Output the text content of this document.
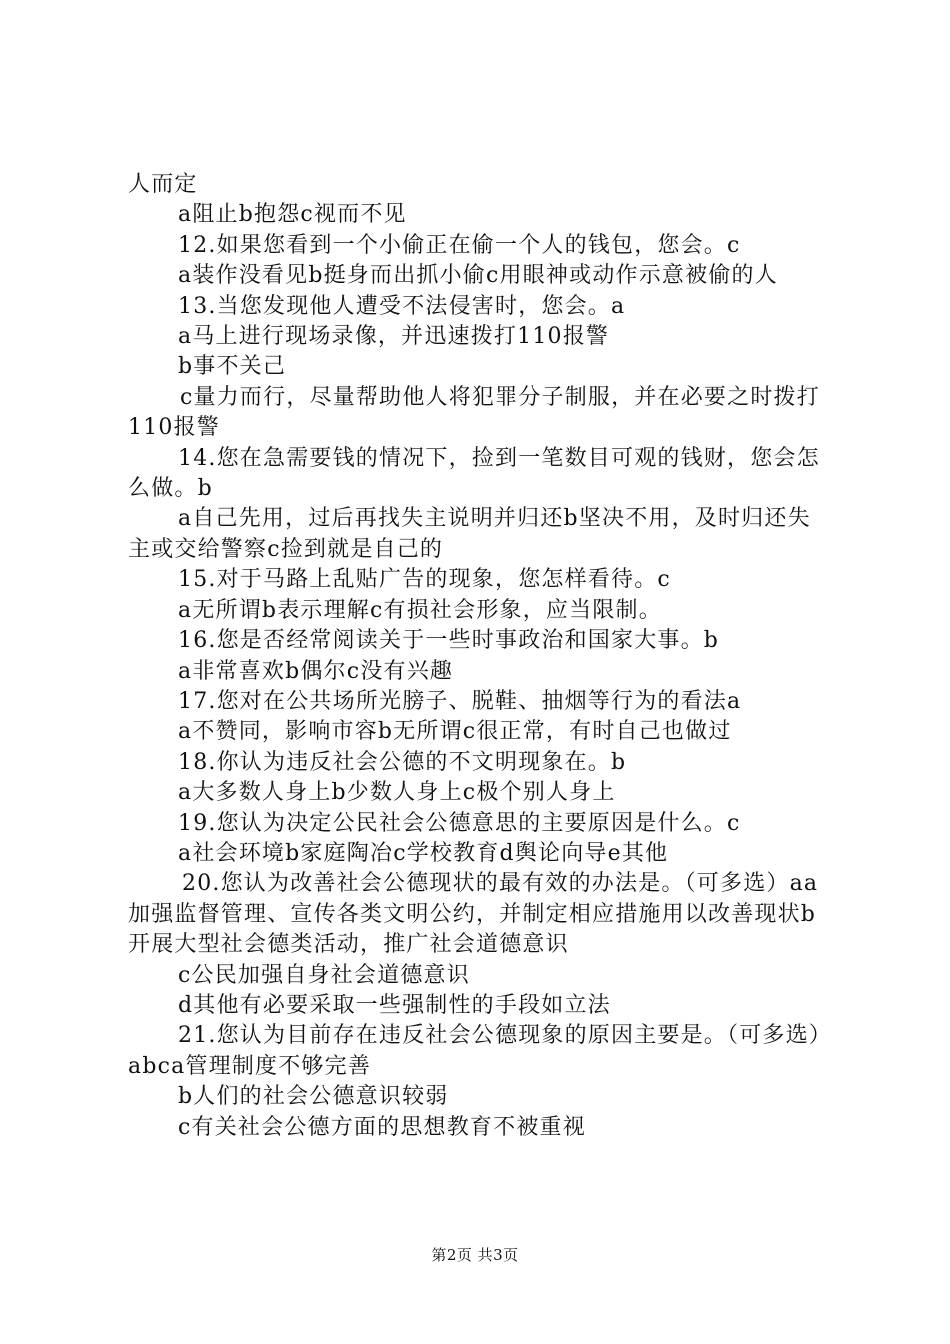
人而定

a阻止b抱怨c视而不见

12.如果您看到一个小偷正在偷一个人的钱包，您会。c

a装作没看见b挺身而出抓小偷c用眼神或动作示意被偷的人

13.当您发现他人遭受不法侵害时，您会。a

a马上进行现场录像，并迅速拨打110报警

b事不关己

c量力而行，尽量帮助他人将犯罪分子制服，并在必要之时拨打110报警

14.您在急需要钱的情况下，捡到一笔数目可观的钱财，您会怎么做。b

a自己先用，过后再找失主说明并归还b坚决不用，及时归还失主或交给警察c捡到就是自己的

15.对于马路上乱贴广告的现象，您怎样看待。c

a无所谓b表示理解c有损社会形象，应当限制。

16.您是否经常阅读关于一些时事政治和国家大事。b

a非常喜欢b偶尔c没有兴趣

17.您对在公共场所光膀子、脱鞋、抽烟等行为的看法a

a不赞同，影响市容b无所谓c很正常，有时自己也做过

18.你认为违反社会公德的不文明现象在。b

a大多数人身上b少数人身上c极个别人身上

19.您认为决定公民社会公德意思的主要原因是什么。c

a社会环境b家庭陶冶c学校教育d舆论向导e其他

20.您认为改善社会公德现状的最有效的办法是。（可多选）aa加强监督管理、宣传各类文明公约，并制定相应措施用以改善现状b开展大型社会德类活动，推广社会道德意识

c公民加强自身社会道德意识

d其他有必要采取一些强制性的手段如立法

21.您认为目前存在违反社会公德现象的原因主要是。（可多选）abca管理制度不够完善

b人们的社会公德意识较弱

c有关社会公德方面的思想教育不被重视

第2页 共3页
